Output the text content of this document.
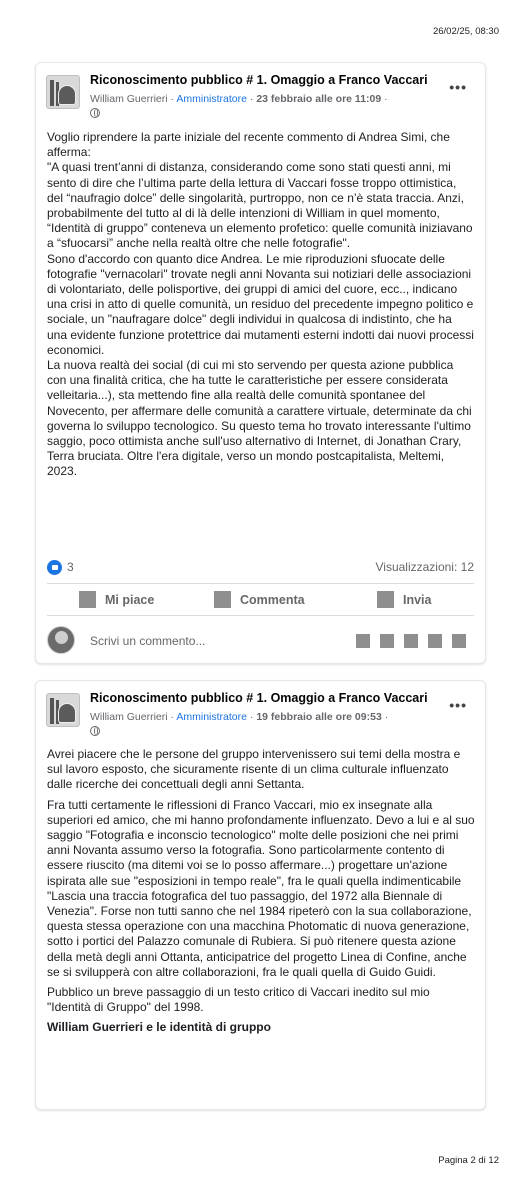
26/02/25, 08:30
Riconoscimento pubblico # 1. Omaggio a Franco Vaccari
William Guerrieri · Amministratore · 23 febbraio alle ore 11:09 ·
•••

Voglio riprendere la parte iniziale del recente commento di Andrea Simi, che afferma:

"A quasi trent’anni di distanza, considerando come sono stati questi anni, mi sento di dire che l’ultima parte della lettura di Vaccari fosse troppo ottimistica, del “naufragio dolce” delle singolarità, purtroppo, non ce n’è stata traccia. Anzi, probabilmente del tutto al di là delle intenzioni di William in quel momento, “Identità di gruppo” conteneva un elemento profetico: quelle comunità iniziavano a “sfuocarsi” anche nella realtà oltre che nelle fotografie".

Sono d'accordo con quanto dice Andrea. Le mie riproduzioni sfuocate delle fotografie "vernacolari" trovate negli anni Novanta sui notiziari delle associazioni di volontariato, delle polisportive, dei gruppi di amici del cuore, ecc.., indicano una crisi in atto di quelle comunità, un residuo del precedente impegno politico e sociale, un "naufragare dolce" degli individui in qualcosa di indistinto, che ha una evidente funzione protettrice dai mutamenti esterni indotti dai nuovi processi economici.

La nuova realtà dei social (di cui mi sto servendo per questa azione pubblica con una finalità critica, che ha tutte le caratteristiche per essere considerata velleitaria...), sta mettendo fine alla realtà delle comunità spontanee del Novecento, per affermare delle comunità a carattere virtuale, determinate da chi governa lo sviluppo tecnologico. Su questo tema ho trovato interessante l'ultimo saggio, poco ottimista anche sull'uso alternativo di Internet, di Jonathan Crary, Terra bruciata. Oltre l'era digitale, verso un mondo postcapitalista, Meltemi, 2023.

3	Visualizzazioni: 12
Mi piace	Commenta	Invia
Scrivi un commento...
Riconoscimento pubblico # 1. Omaggio a Franco Vaccari
William Guerrieri · Amministratore · 19 febbraio alle ore 09:53 ·
•••

Avrei piacere che le persone del gruppo intervenissero sui temi della mostra e sul lavoro esposto, che sicuramente risente di un clima culturale influenzato dalle ricerche dei concettuali degli anni Settanta.

Fra tutti certamente le riflessioni di Franco Vaccari, mio ex insegnate alla superiori ed amico, che mi hanno profondamente influenzato. Devo a lui e al suo saggio "Fotografia e inconscio tecnologico" molte delle posizioni che nei primi anni Novanta assumo verso la fotografia. Sono particolarmente contento di essere riuscito (ma ditemi voi se lo posso affermare...) progettare un'azione ispirata alle sue "esposizioni in tempo reale", fra le quali quella indimenticabile "Lascia una traccia fotografica del tuo passaggio, del 1972 alla Biennale di Venezia". Forse non tutti sanno che nel 1984 ripeterò con la sua collaborazione, questa stessa operazione con una macchina Photomatic di nuova generazione, sotto i portici del Palazzo comunale di Rubiera. Si può ritenere questa azione della metà degli anni Ottanta, anticipatrice del progetto Linea di Confine, anche se si svilupperà con altre collaborazioni, fra le quali quella di Guido Guidi.

Pubblico un breve passaggio di un testo critico di Vaccari inedito sul mio "Identità di Gruppo" del 1998.

William Guerrieri e le identità di gruppo

Pagina 2 di 12
